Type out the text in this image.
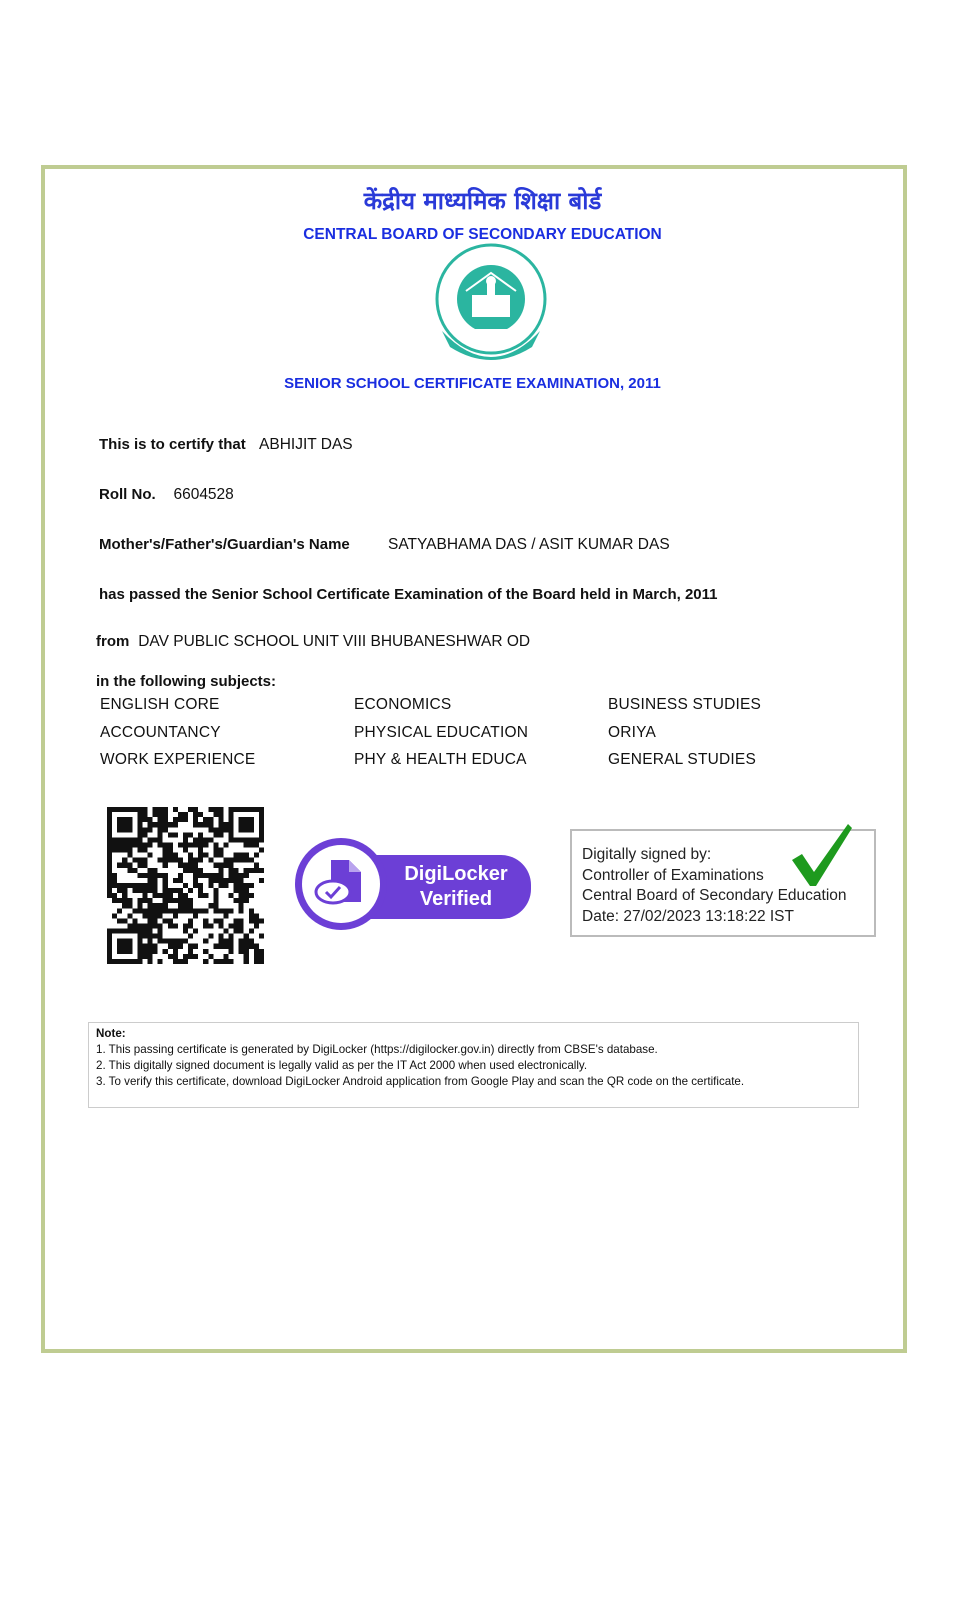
केंद्रीय माध्यमिक शिक्षा बोर्ड
CENTRAL BOARD OF SECONDARY EDUCATION
SENIOR SCHOOL CERTIFICATE EXAMINATION, 2011
This is to certify that ABHIJIT DAS
Roll No. 6604528
Mother's/Father's/Guardian's Name SATYABHAMA DAS / ASIT KUMAR DAS
has passed the Senior School Certificate Examination of the Board held in March, 2011
from DAV PUBLIC SCHOOL UNIT VIII BHUBANESHWAR OD
in the following subjects:
ENGLISH CORE	ECONOMICS	BUSINESS STUDIES
ACCOUNTANCY	PHYSICAL EDUCATION	ORIYA
WORK EXPERIENCE	PHY & HEALTH EDUCA	GENERAL STUDIES
DigiLocker
Verified
Digitally signed by:
Controller of Examinations
Central Board of Secondary Education
Date: 27/02/2023 13:18:22 IST
Note:
1. This passing certificate is generated by DigiLocker (https://digilocker.gov.in) directly from CBSE's database.
2. This digitally signed document is legally valid as per the IT Act 2000 when used electronically.
3. To verify this certificate, download DigiLocker Android application from Google Play and scan the QR code on the certificate.
